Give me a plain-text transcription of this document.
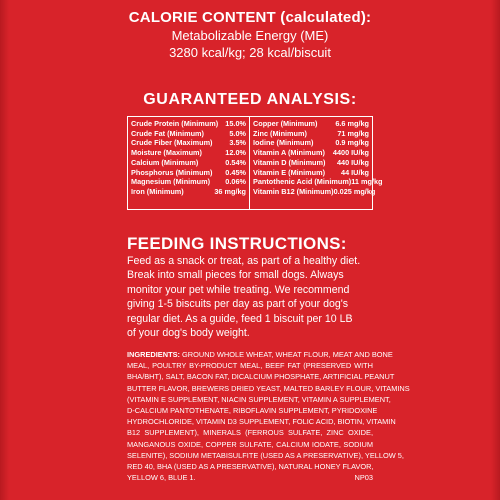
CALORIE CONTENT (calculated):
Metabolizable Energy (ME)
3280 kcal/kg; 28 kcal/biscuit
GUARANTEED ANALYSIS:
Crude Protein (Minimum) 15.0%
Crude Fat (Minimum)	5.0%
Crude Fiber (Maximum) 3.5%
Moisture (Maximum)	12.0%
Calcium (Minimum)	0.54%
Phosphorus (Minimum) 0.45%
Magnesium (Minimum) 0.06%
Iron (Minimum)	36 mg/kg
Copper (Minimum) 6.6 mg/kg
Zinc (Minimum)	71 mg/kg
Iodine (Minimum)	0.9 mg/kg
Vitamin A (Minimum) 4400 IU/kg
Vitamin D (Minimum) 440 IU/kg
Vitamin E (Minimum) 44 IU/kg
Pantothenic Acid (Minimum) 11 mg/kg
Vitamin B12 (Minimum) 0.025 mg/kg
FEEDING INSTRUCTIONS:
Feed as a snack or treat, as part of a healthy diet.
Break into small pieces for small dogs. Always
monitor your pet while treating. We recommend
giving 1-5 biscuits per day as part of your dog's
regular diet. As a guide, feed 1 biscuit per 10 LB
of your dog's body weight.
INGREDIENTS: GROUND WHOLE WHEAT, WHEAT FLOUR, MEAT AND BONE
MEAL, POULTRY BY-PRODUCT MEAL, BEEF FAT (PRESERVED WITH
BHA/BHT), SALT, BACON FAT, DICALCIUM PHOSPHATE, ARTIFICIAL PEANUT
BUTTER FLAVOR, BREWERS DRIED YEAST, MALTED BARLEY FLOUR, VITAMINS
(VITAMIN E SUPPLEMENT, NIACIN SUPPLEMENT, VITAMIN A SUPPLEMENT,
D-CALCIUM PANTOTHENATE, RIBOFLAVIN SUPPLEMENT, PYRIDOXINE
HYDROCHLORIDE, VITAMIN D3 SUPPLEMENT, FOLIC ACID, BIOTIN, VITAMIN
B12 SUPPLEMENT), MINERALS (FERROUS SULFATE, ZINC OXIDE,
MANGANOUS OXIDE, COPPER SULFATE, CALCIUM IODATE, SODIUM
SELENITE), SODIUM METABISULFITE (USED AS A PRESERVATIVE), YELLOW 5,
RED 40, BHA (USED AS A PRESERVATIVE), NATURAL HONEY FLAVOR,
YELLOW 6, BLUE 1.	NP03
